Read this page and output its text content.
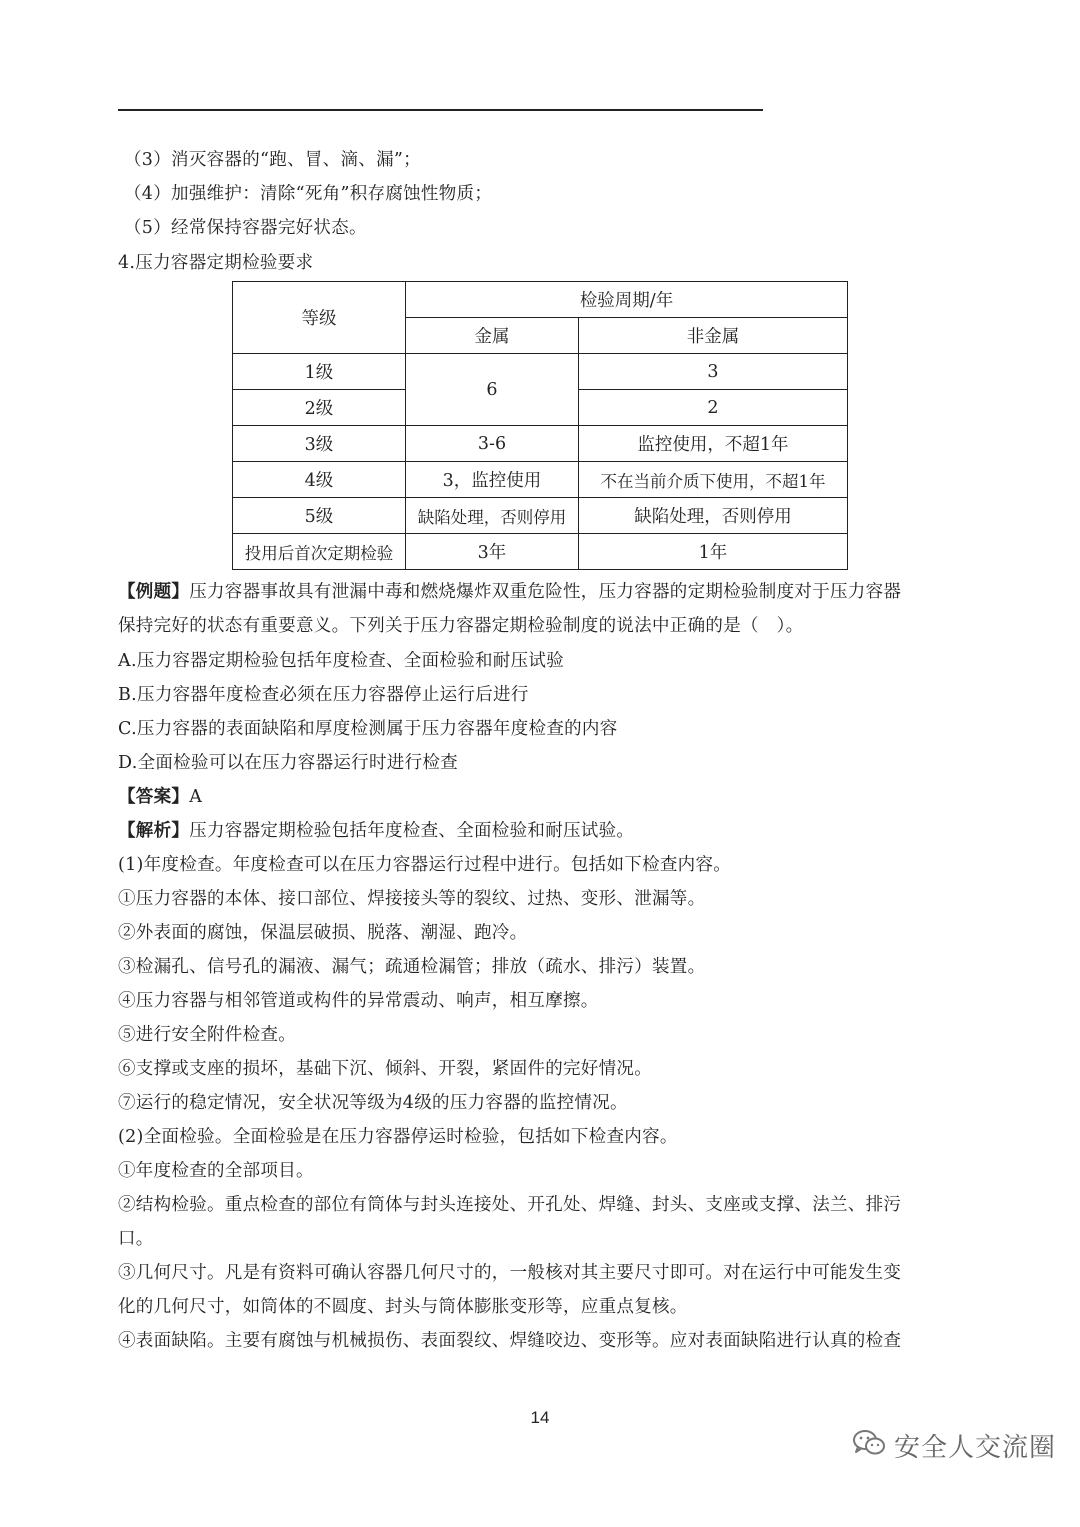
（3）消灭容器的“跑、冒、滴、漏”；
（4）加强维护：清除“死角”积存腐蚀性物质；
（5）经常保持容器完好状态。
4.压力容器定期检验要求
等级	检验周期/年	
	金属	非金属
1级	6	3
2级		2
3级	3-6	监控使用，不超1年
4级	3，监控使用	不在当前介质下使用，不超1年
5级	缺陷处理，否则停用	缺陷处理，否则停用
投用后首次定期检验	3年	1年
【例题】压力容器事故具有泄漏中毒和燃烧爆炸双重危险性，压力容器的定期检验制度对于压力容器
保持完好的状态有重要意义。下列关于压力容器定期检验制度的说法中正确的是（　）。
A.压力容器定期检验包括年度检查、全面检验和耐压试验
B.压力容器年度检查必须在压力容器停止运行后进行
C.压力容器的表面缺陷和厚度检测属于压力容器年度检查的内容
D.全面检验可以在压力容器运行时进行检查
【答案】A
【解析】压力容器定期检验包括年度检查、全面检验和耐压试验。
(1)年度检查。年度检查可以在压力容器运行过程中进行。包括如下检查内容。
①压力容器的本体、接口部位、焊接接头等的裂纹、过热、变形、泄漏等。
②外表面的腐蚀，保温层破损、脱落、潮湿、跑冷。
③检漏孔、信号孔的漏液、漏气；疏通检漏管；排放（疏水、排污）装置。
④压力容器与相邻管道或构件的异常震动、响声，相互摩擦。
⑤进行安全附件检查。
⑥支撑或支座的损坏，基础下沉、倾斜、开裂，紧固件的完好情况。
⑦运行的稳定情况，安全状况等级为4级的压力容器的监控情况。
(2)全面检验。全面检验是在压力容器停运时检验，包括如下检查内容。
①年度检查的全部项目。
②结构检验。重点检查的部位有筒体与封头连接处、开孔处、焊缝、封头、支座或支撑、法兰、排污
口。
③几何尺寸。凡是有资料可确认容器几何尺寸的，一般核对其主要尺寸即可。对在运行中可能发生变
化的几何尺寸，如筒体的不圆度、封头与筒体膨胀变形等，应重点复核。
④表面缺陷。主要有腐蚀与机械损伤、表面裂纹、焊缝咬边、变形等。应对表面缺陷进行认真的检查
14
安全人交流圈
